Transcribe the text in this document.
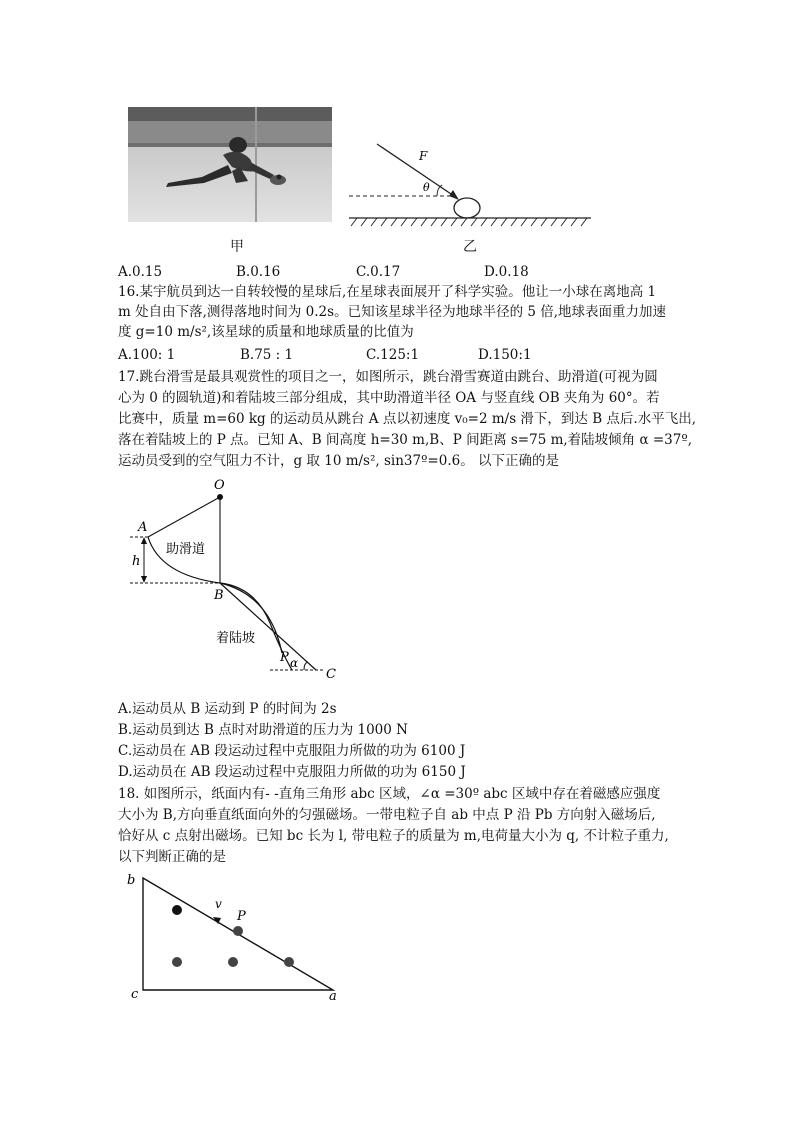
甲
F
θ
乙
A.0.15	B.0.16	C.0.17	D.0.18
16.某宇航员到达一自转较慢的星球后,在星球表面展开了科学实验。他让一小球在离地高 1
m 处自由下落,测得落地时间为 0.2s。已知该星球半径为地球半径的 5 倍,地球表面重力加速
度 g=10 m/s²,该星球的质量和地球质量的比值为
A.100: 1	B.75 : 1	C.125:1	D.150:1
17.跳台滑雪是最具观赏性的项目之一，如图所示，跳台滑雪赛道由跳台、助滑道(可视为圆
心为 0 的圆轨道)和着陆坡三部分组成，其中助滑道半径 OA 与竖直线 OB 夹角为 60°。若
比赛中，质量 m=60 kg 的运动员从跳台 A 点以初速度 v₀=2 m/s 滑下，到达 B 点后.水平飞出,
落在着陆坡上的 P 点。已知 A、B 间高度 h=30 m,B、P 间距离 s=75 m,着陆坡倾角 α =37º,
运动员受到的空气阻力不计，g 取 10 m/s², sin37º=0.6。 以下正确的是
O
A
h
助滑道
B
着陆坡
P α
C
A.运动员从 B 运动到 P 的时间为 2s
B.运动员到达 B 点时对助滑道的压力为 1000 N
C.运动员在 AB 段运动过程中克服阻力所做的功为 6100 J
D.运动员在 AB 段运动过程中克服阻力所做的功为 6150 J
18. 如图所示，纸面内有- -直角三角形 abc 区域，∠α =30º abc 区域中存在着磁感应强度
大小为 B,方向垂直纸面向外的匀强磁场。一带电粒子自 ab 中点 P 沿 Pb 方向射入磁场后,
恰好从 c 点射出磁场。已知 bc 长为 l, 带电粒子的质量为 m,电荷量大小为 q, 不计粒子重力,
以下判断正确的是
b
c	a
v
P
